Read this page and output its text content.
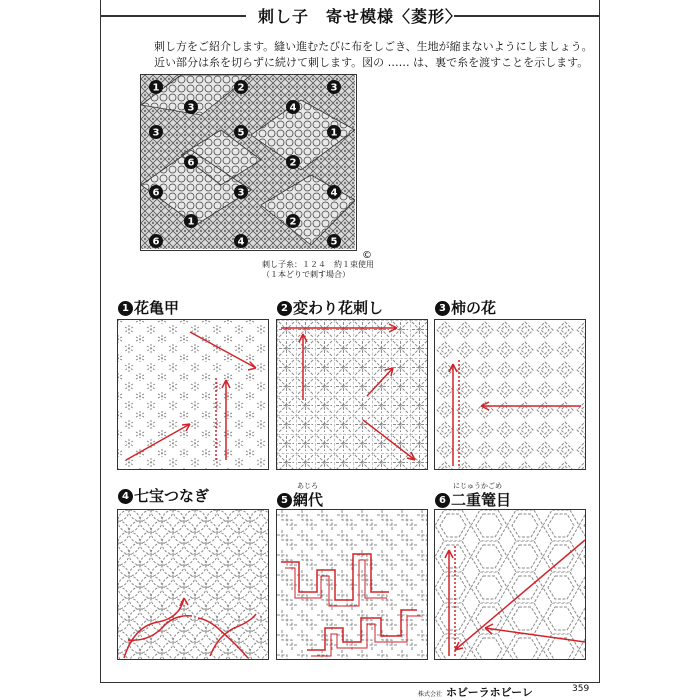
刺し子　寄せ模様〈菱形〉
刺し方をご紹介します。縫い進むたびに布をしごき、生地が縮まないようにしましょう。
近い部分は糸を切らずに続けて刺します。図の …… は、裏で糸を渡すことを示します。
1	2	3
3	4
3	5	1
6	2
6	3	4
1	2
6	4	5
©
刺し子糸：１２４　約１束使用
（１本どりで刺す場合）
1 花亀甲	2 変わり花刺し	3 柿の花
4 七宝つなぎ
あじろ
5 網代
にじゅうかごめ
6 二重篭目
株式会社 ホビーラホビーレ	359
